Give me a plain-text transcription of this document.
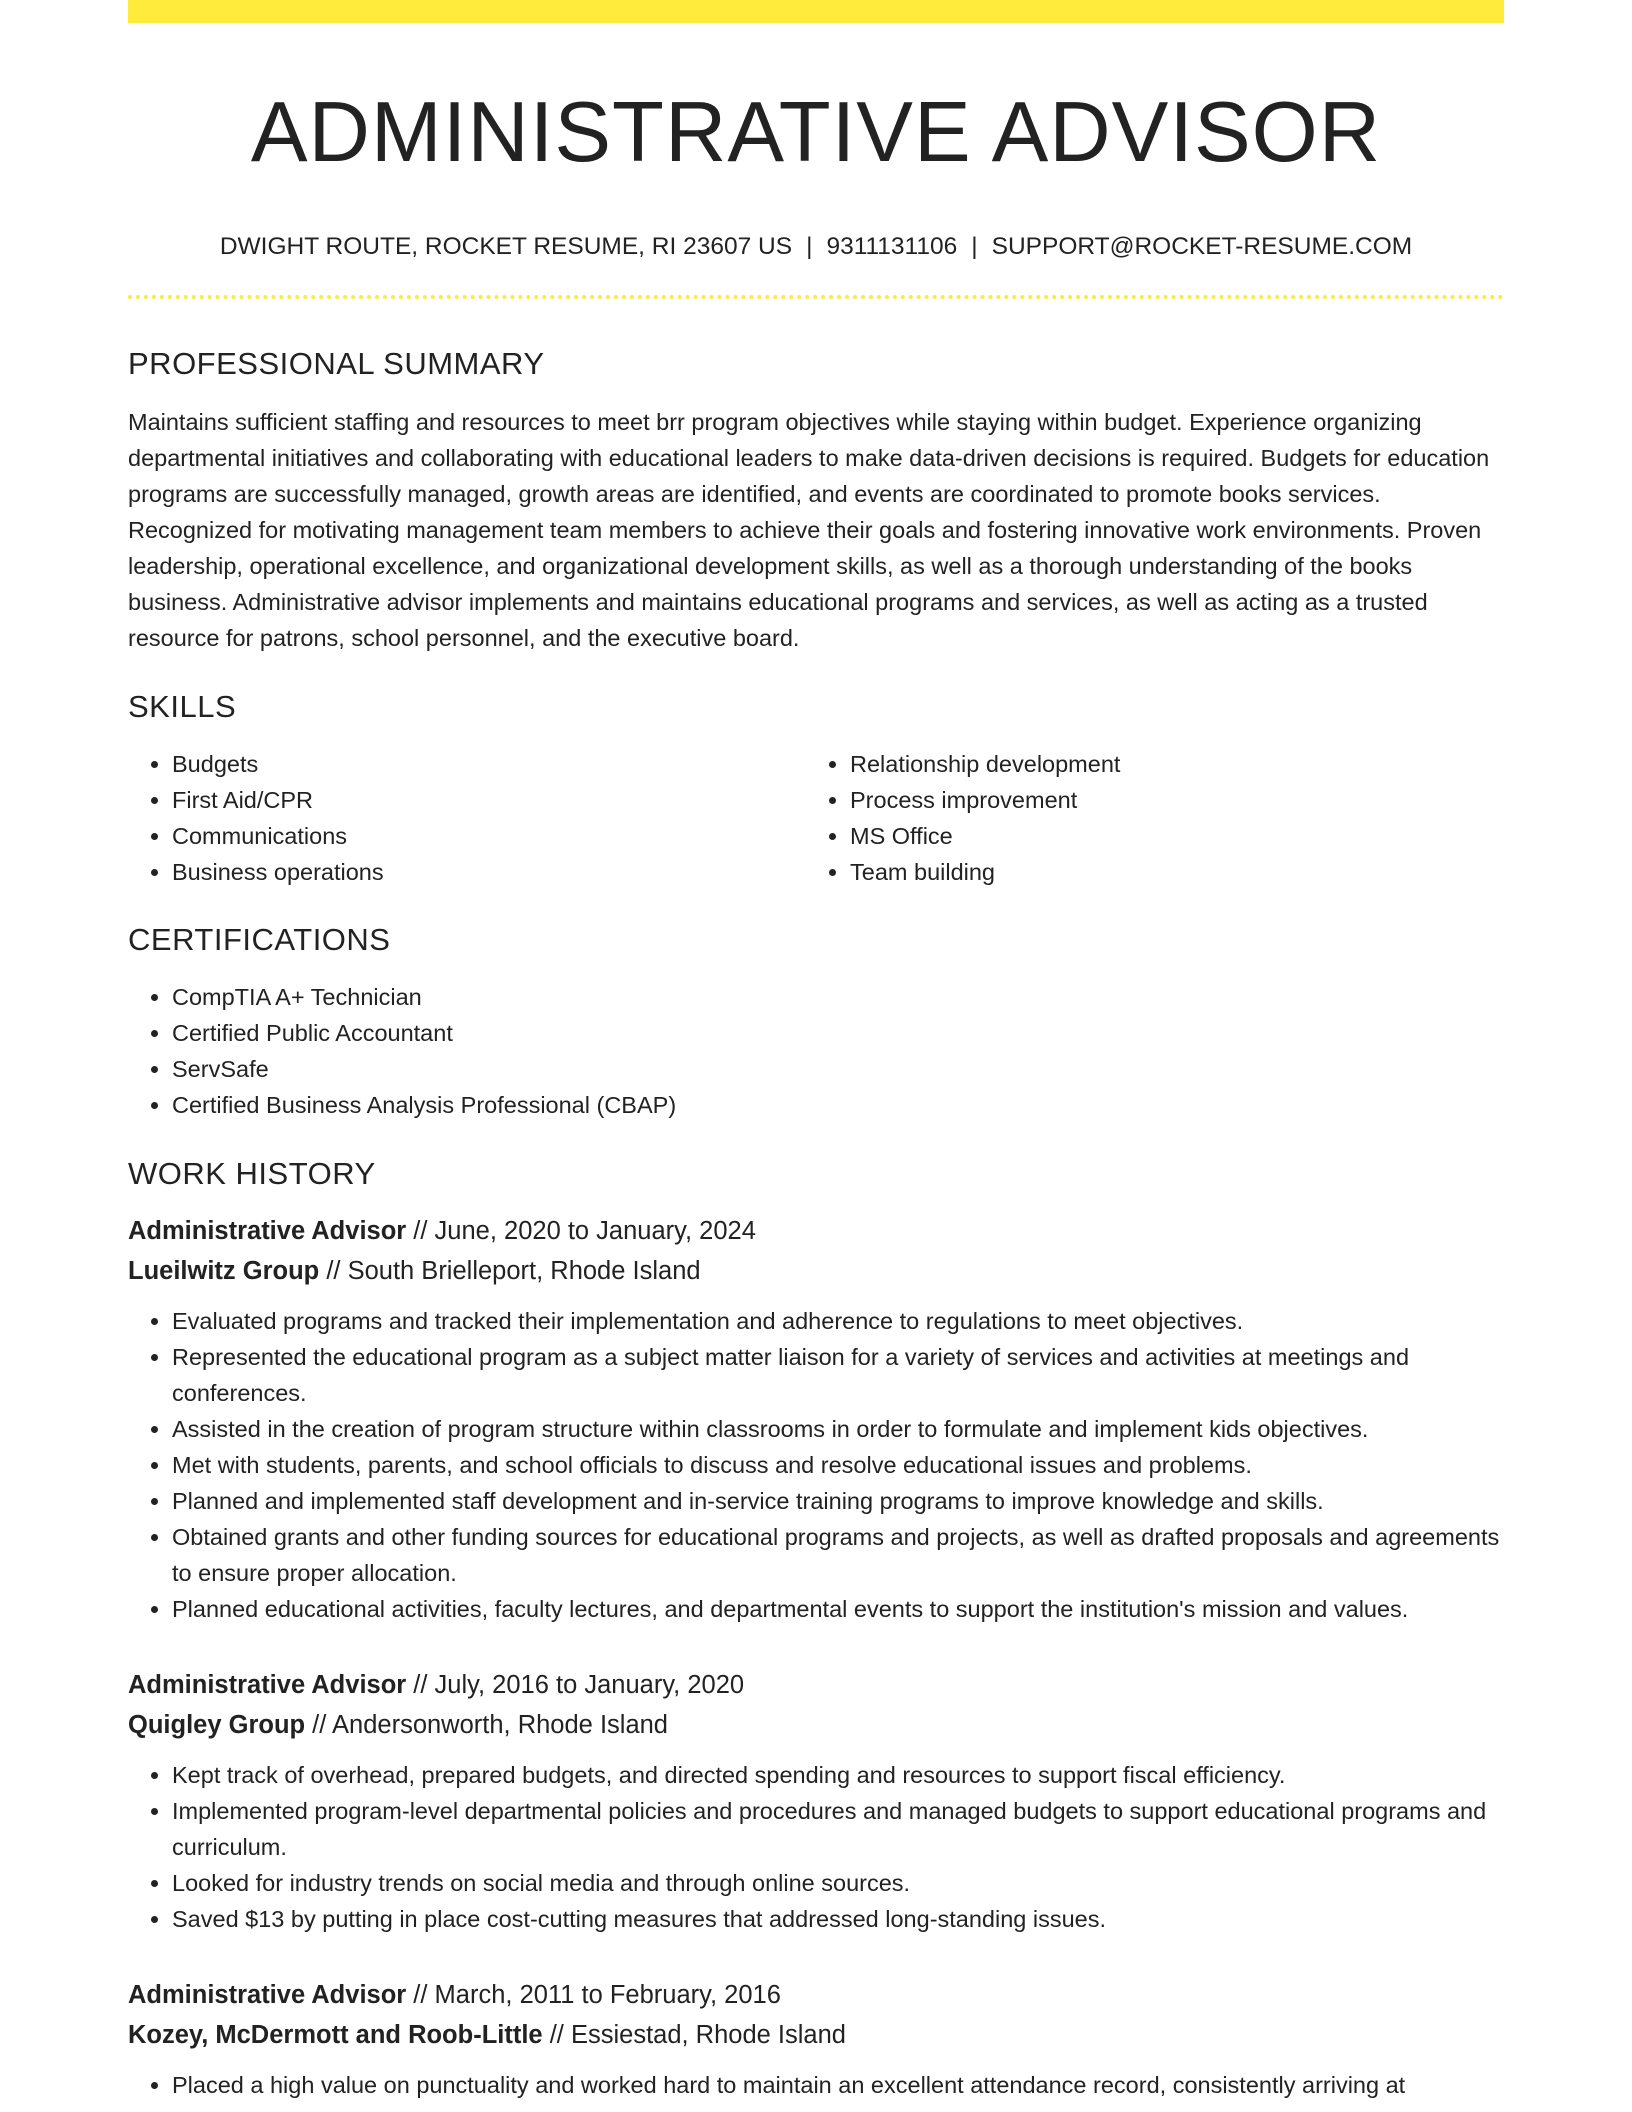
ADMINISTRATIVE ADVISOR
DWIGHT ROUTE, ROCKET RESUME, RI 23607 US | 9311131106 | SUPPORT@ROCKET-RESUME.COM
PROFESSIONAL SUMMARY

Maintains sufficient staffing and resources to meet brr program objectives while staying within budget. Experience organizing departmental initiatives and collaborating with educational leaders to make data-driven decisions is required. Budgets for education programs are successfully managed, growth areas are identified, and events are coordinated to promote books services. Recognized for motivating management team members to achieve their goals and fostering innovative work environments. Proven leadership, operational excellence, and organizational development skills, as well as a thorough understanding of the books business. Administrative advisor implements and maintains educational programs and services, as well as acting as a trusted resource for patrons, school personnel, and the executive board.

SKILLS
• Budgets
• First Aid/CPR
• Communications
• Business operations
• Relationship development
• Process improvement
• MS Office
• Team building
CERTIFICATIONS
• CompTIA A+ Technician
• Certified Public Accountant
• ServSafe
• Certified Business Analysis Professional (CBAP)
WORK HISTORY
Administrative Advisor // June, 2020 to January, 2024
Lueilwitz Group // South Brielleport, Rhode Island
• Evaluated programs and tracked their implementation and adherence to regulations to meet objectives.
• Represented the educational program as a subject matter liaison for a variety of services and activities at meetings and conferences.
• Assisted in the creation of program structure within classrooms in order to formulate and implement kids objectives.
• Met with students, parents, and school officials to discuss and resolve educational issues and problems.
• Planned and implemented staff development and in-service training programs to improve knowledge and skills.
• Obtained grants and other funding sources for educational programs and projects, as well as drafted proposals and agreements to ensure proper allocation.
• Planned educational activities, faculty lectures, and departmental events to support the institution's mission and values.
Administrative Advisor // July, 2016 to January, 2020
Quigley Group // Andersonworth, Rhode Island
• Kept track of overhead, prepared budgets, and directed spending and resources to support fiscal efficiency.
• Implemented program-level departmental policies and procedures and managed budgets to support educational programs and curriculum.
• Looked for industry trends on social media and through online sources.
• Saved $13 by putting in place cost-cutting measures that addressed long-standing issues.
Administrative Advisor // March, 2011 to February, 2016
Kozey, McDermott and Roob-Little // Essiestad, Rhode Island
• Placed a high value on punctuality and worked hard to maintain an excellent attendance record, consistently arriving at
